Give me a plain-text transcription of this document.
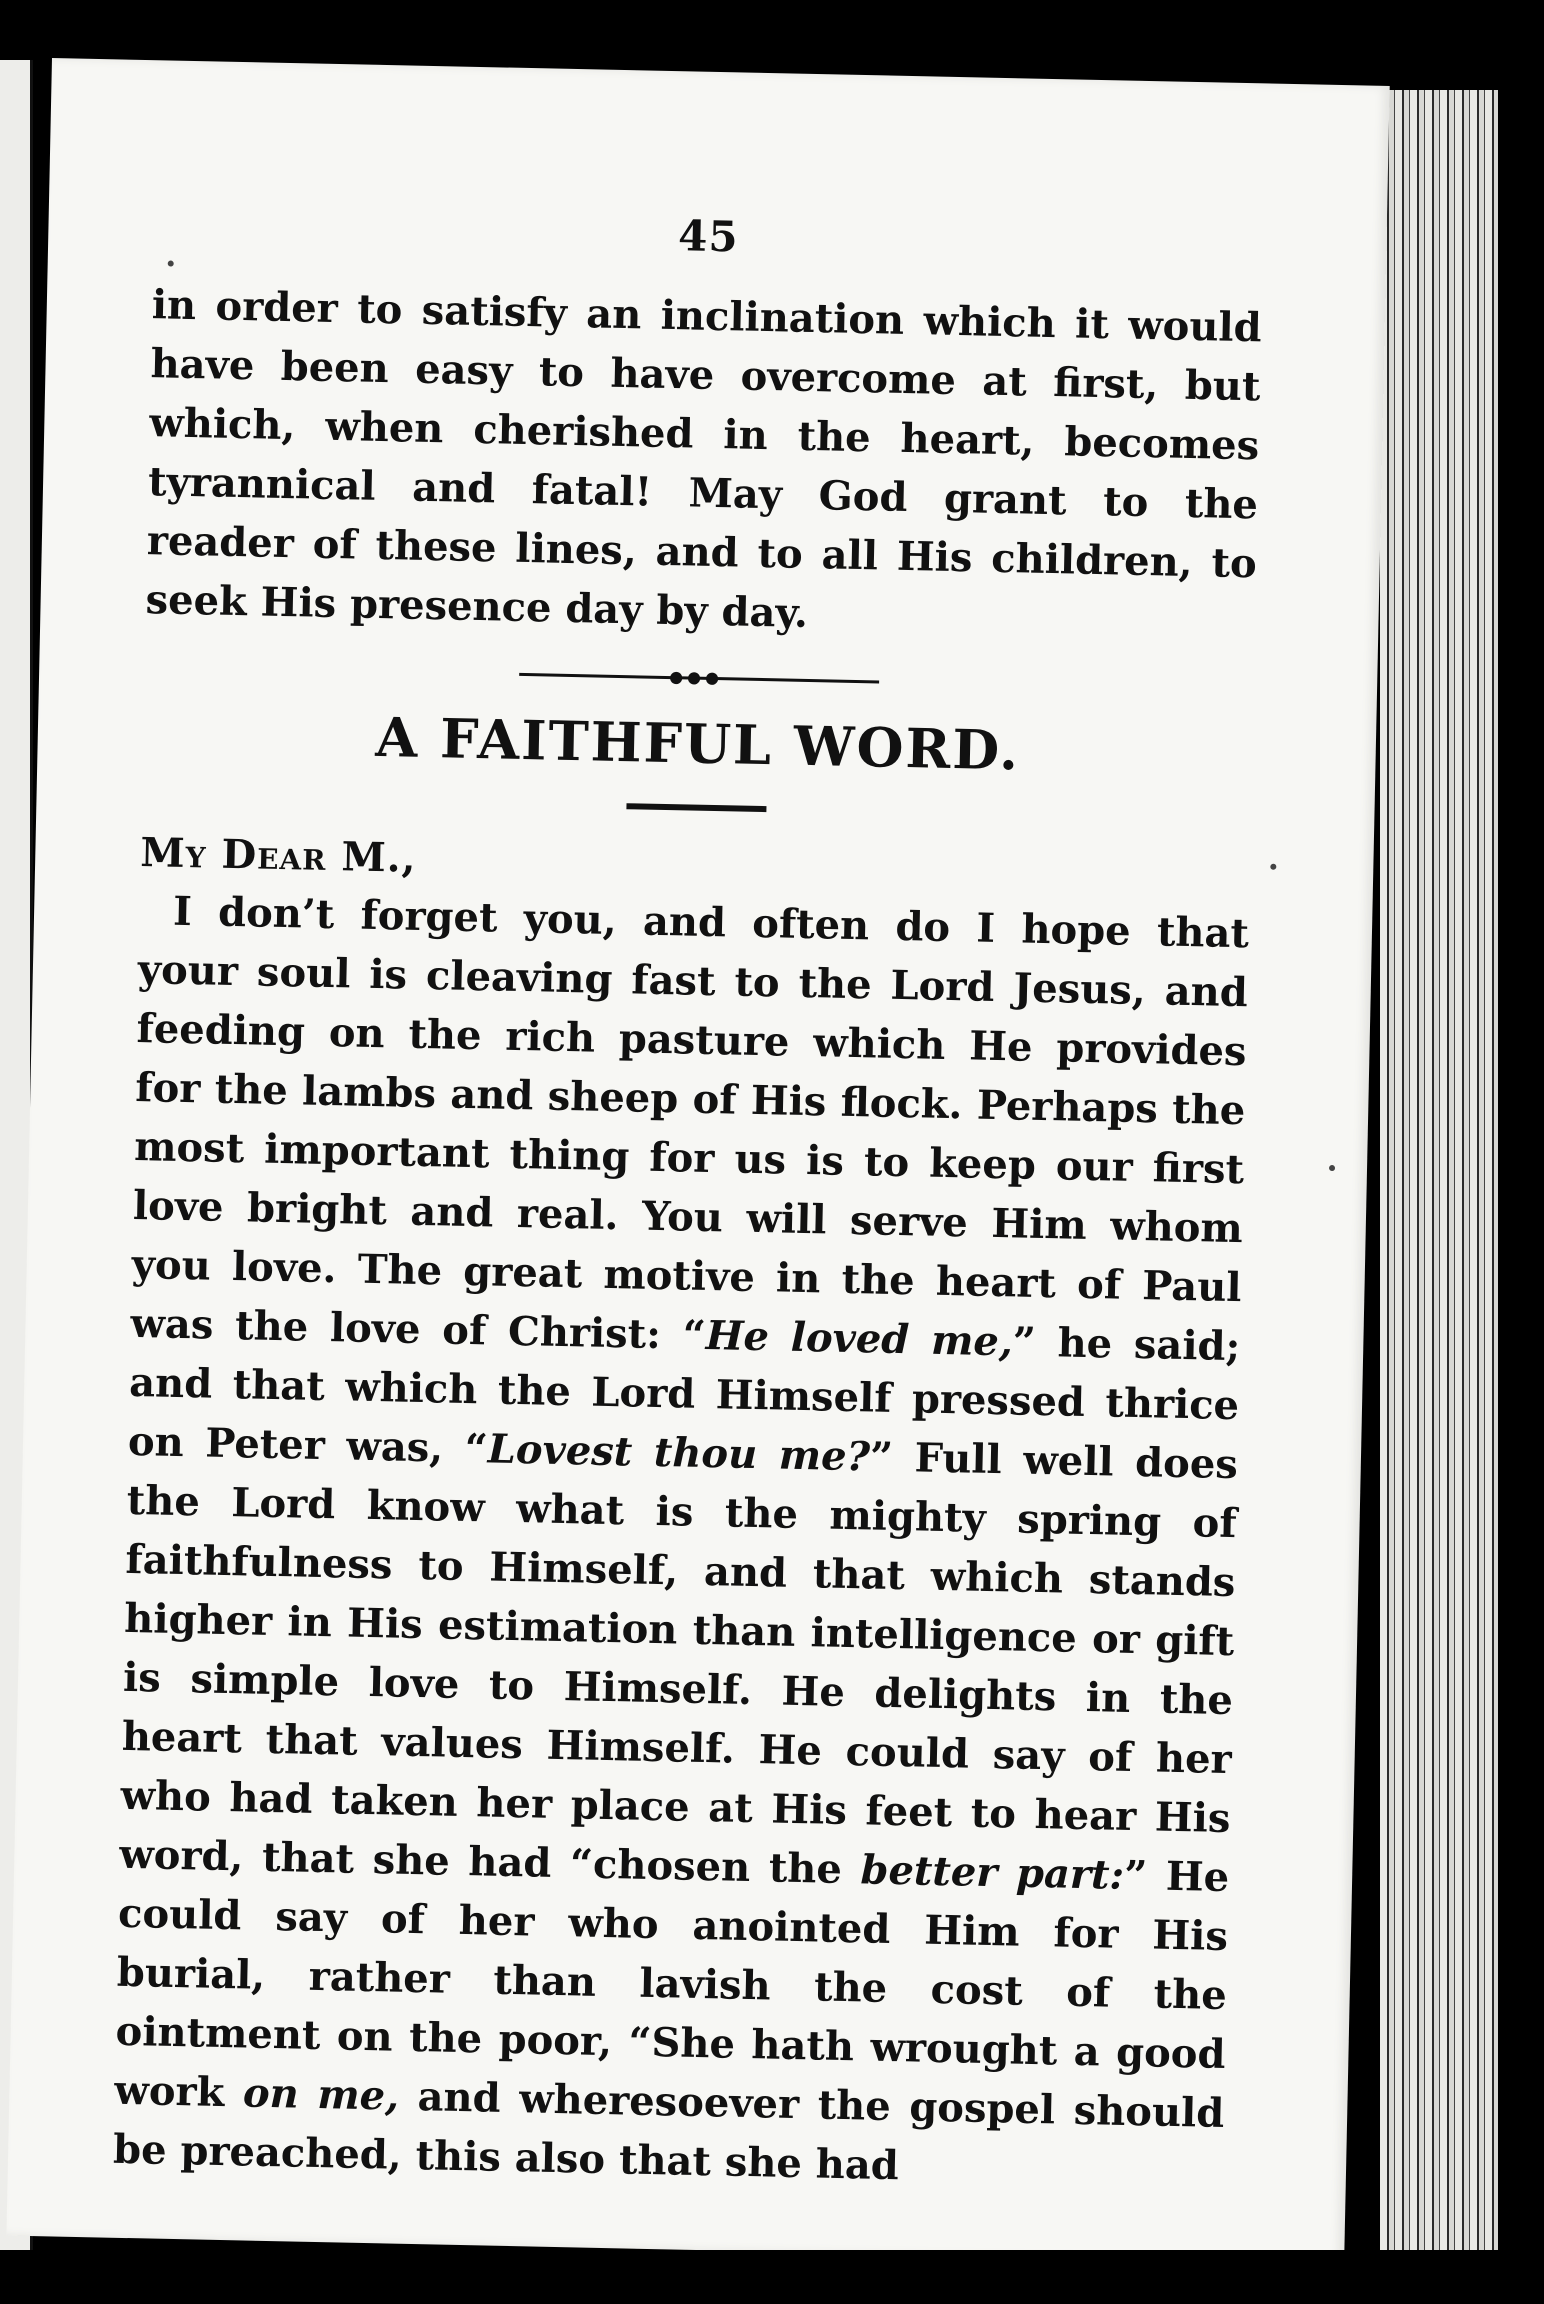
45

in order to satisfy an inclination which it would have been easy to have overcome at first, but which, when cherished in the heart, becomes tyrannical and fatal! May God grant to the reader of these lines, and to all His children, to seek His presence day by day.

●●●
A FAITHFUL WORD.

My Dear M.,

I don’t forget you, and often do I hope that your soul is cleaving fast to the Lord Jesus, and feeding on the rich pasture which He provides for the lambs and sheep of His flock. Perhaps the most important thing for us is to keep our first love bright and real. You will serve Him whom you love. The great motive in the heart of Paul was the love of Christ: “He loved me,” he said; and that which the Lord Himself pressed thrice on Peter was, “Lovest thou me?” Full well does the Lord know what is the mighty spring of faithfulness to Himself, and that which stands higher in His estimation than intelligence or gift is simple love to Himself. He delights in the heart that values Himself. He could say of her who had taken her place at His feet to hear His word, that she had “chosen the better part:” He could say of her who anointed Him for His burial, rather than lavish the cost of the ointment on the poor, “She hath wrought a good work on me, and wheresoever the gospel should be preached, this also that she had
